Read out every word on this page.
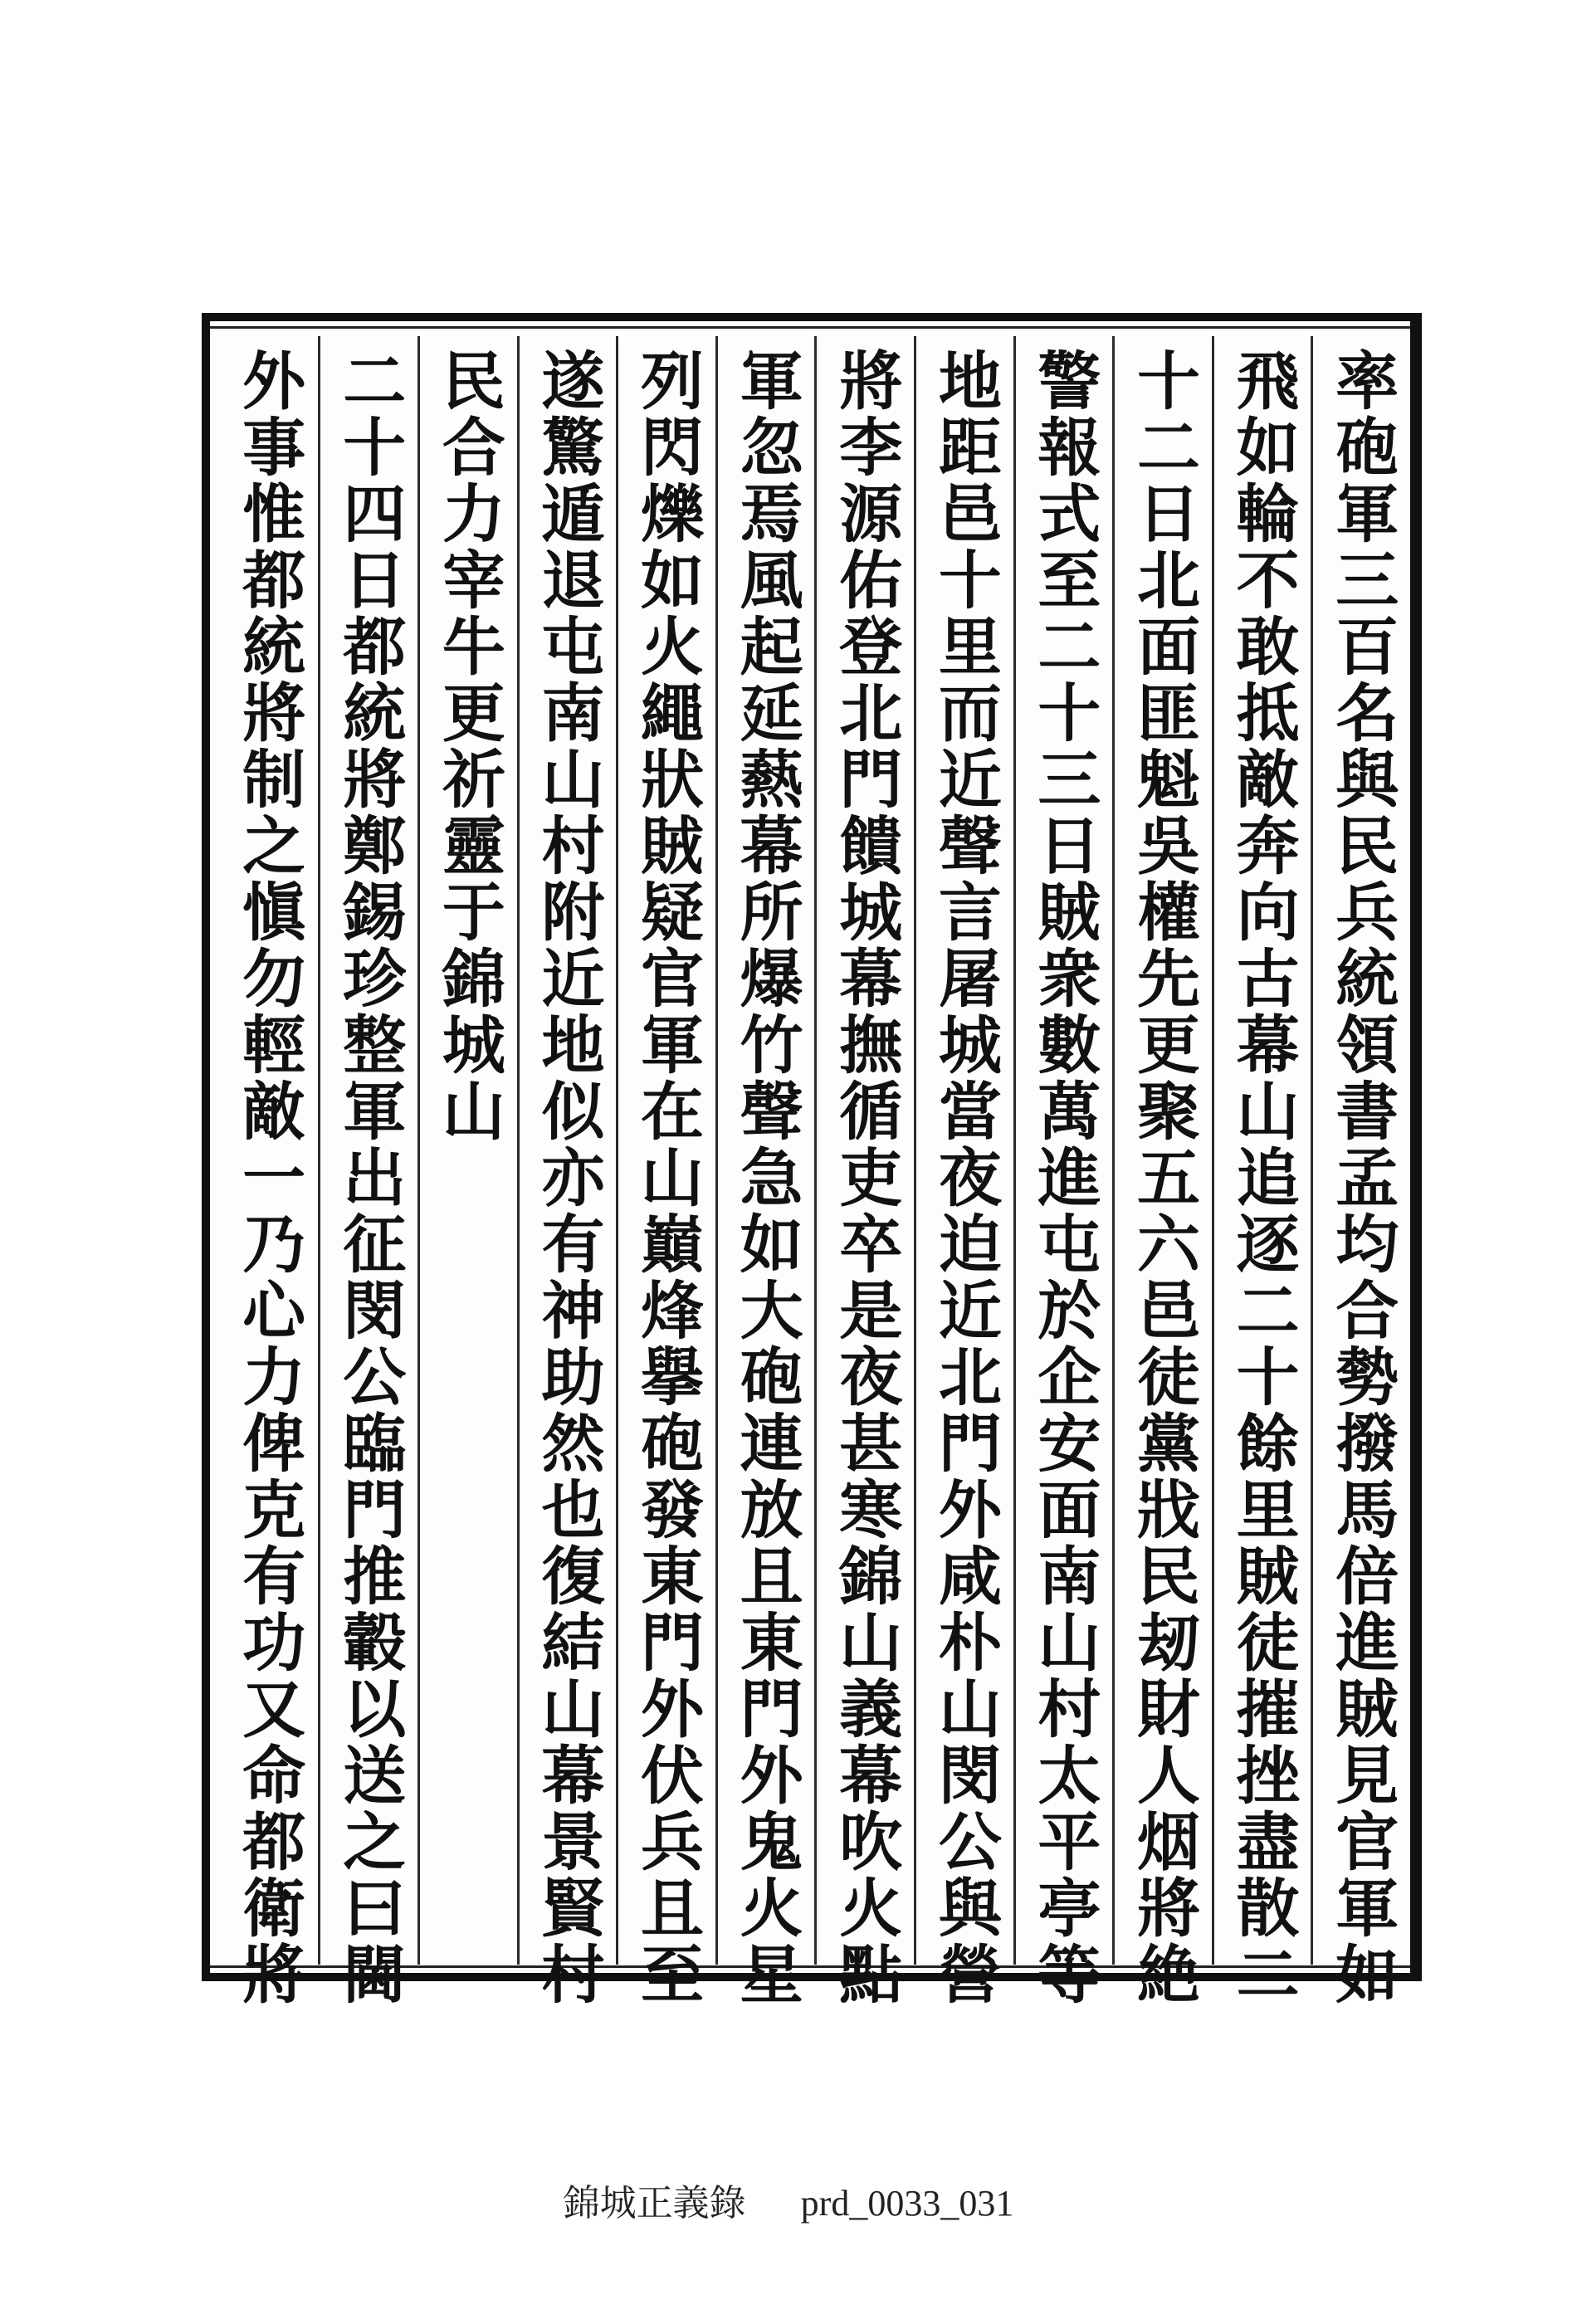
率砲軍三百名與民兵統領書孟均合勢撥馬倍進賊見官軍如
飛如輪不敢抵敵奔向古幕山追逐二十餘里賊徒摧挫盡散二
十二日北面匪魁吳權先更聚五六邑徒黨戕民刼財人烟將絶
警報式至二十三日賊衆數萬進屯於企安面南山村太平亭等
地距邑十里而近聲言屠城當夜迫近北門外咸朴山閔公與營
將李源佑登北門饋城幕撫循吏卒是夜甚寒錦山義幕吹火點
軍忽焉風起延爇幕所爆竹聲急如大砲連放且東門外鬼火星
列閃爍如火繩狀賊疑官軍在山巔烽擧砲發東門外伏兵且至
遂驚遁退屯南山村附近地似亦有神助然也復結山幕景賢村
民合力宰牛更祈靈于錦城山
二十四日都統將鄭錫珍整軍出征閔公臨門推轂以送之曰閫
外事惟都統將制之愼勿輕敵一乃心力俾克有功又命都衛將
錦城正義錄 prd_0033_031
